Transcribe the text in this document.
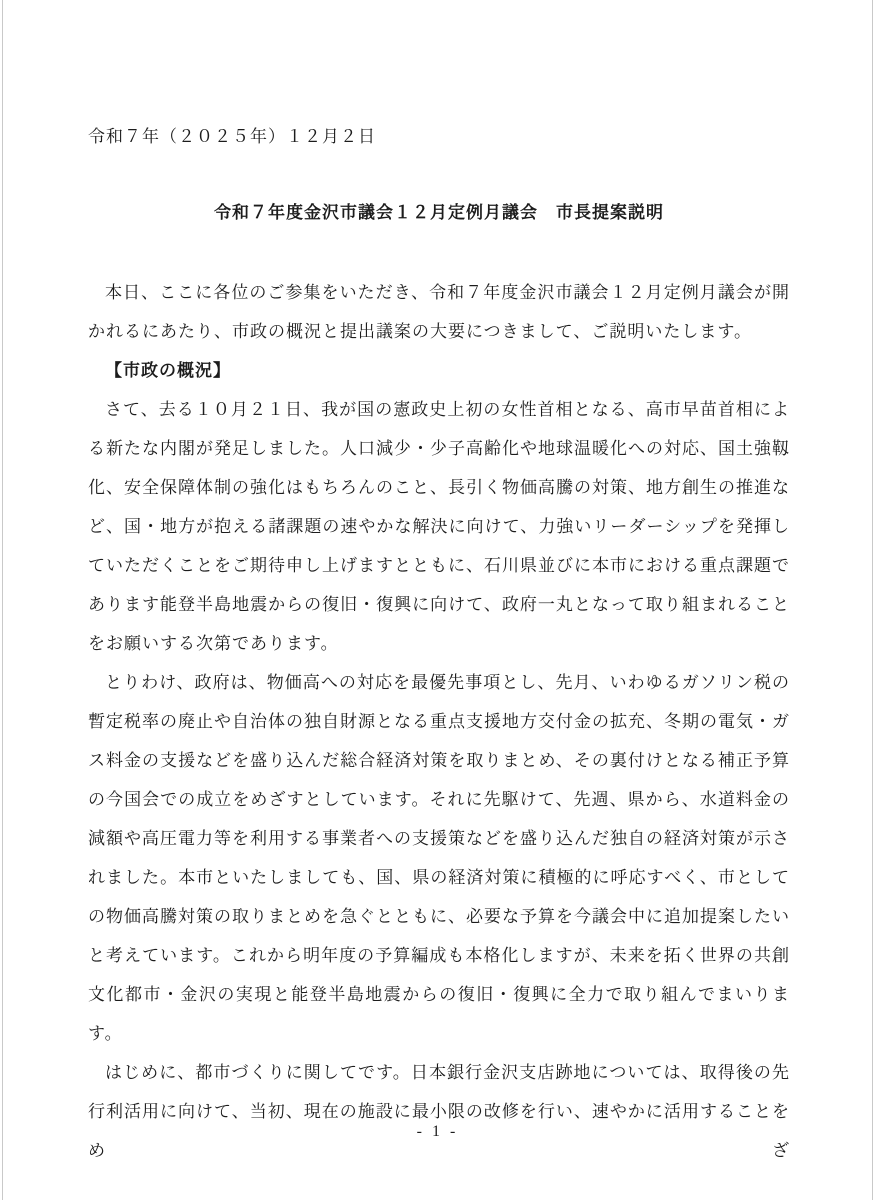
令和７年（２０２５年）１２月２日
令和７年度金沢市議会１２月定例月議会　市長提案説明

本日、ここに各位のご参集をいただき、令和７年度金沢市議会１２月定例月議会が開かれるにあたり、市政の概況と提出議案の大要につきまして、ご説明いたします。

【市政の概況】

さて、去る１０月２１日、我が国の憲政史上初の女性首相となる、高市早苗首相による新たな内閣が発足しました。人口減少・少子高齢化や地球温暖化への対応、国土強靱化、安全保障体制の強化はもちろんのこと、長引く物価高騰の対策、地方創生の推進など、国・地方が抱える諸課題の速やかな解決に向けて、力強いリーダーシップを発揮していただくことをご期待申し上げますとともに、石川県並びに本市における重点課題であります能登半島地震からの復旧・復興に向けて、政府一丸となって取り組まれることをお願いする次第であります。

とりわけ、政府は、物価高への対応を最優先事項とし、先月、いわゆるガソリン税の暫定税率の廃止や自治体の独自財源となる重点支援地方交付金の拡充、冬期の電気・ガス料金の支援などを盛り込んだ総合経済対策を取りまとめ、その裏付けとなる補正予算の今国会での成立をめざすとしています。それに先駆けて、先週、県から、水道料金の減額や高圧電力等を利用する事業者への支援策などを盛り込んだ独自の経済対策が示されました。本市といたしましても、国、県の経済対策に積極的に呼応すべく、市としての物価高騰対策の取りまとめを急ぐとともに、必要な予算を今議会中に追加提案したいと考えています。これから明年度の予算編成も本格化しますが、未来を拓く世界の共創文化都市・金沢の実現と能登半島地震からの復旧・復興に全力で取り組んでまいります。

はじめに、都市づくりに関してです。日本銀行金沢支店跡地については、取得後の先行利活用に向けて、当初、現在の施設に最小限の改修を行い、速やかに活用することをめざ

- 1 -
